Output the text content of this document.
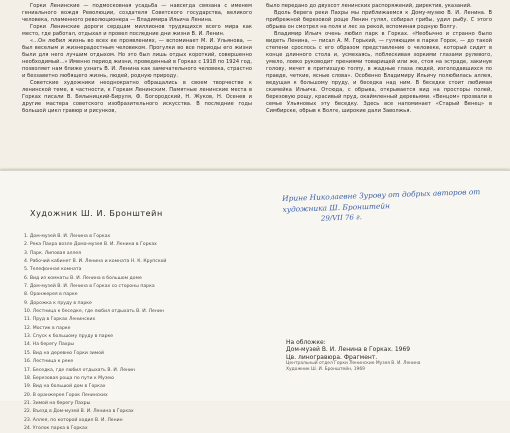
Горки Ленинские — подмосковная усадьба — навсегда связана с именем гениального вождя Революции, создателя Советского государства, великого человека, пламенного революционера — Владимира Ильича Ленина.

Горки Ленинские дороги сердцам миллионов трудящихся всего мира как место, где работал, отдыхал и провел последние дни жизни В. И. Ленин.

«...Он любил жизнь во всех ее проявлениях, — вспоминает М. И. Ульянова, — был веселым и жизнерадостным человеком. Прогулки во все периоды его жизни были для него лучшим отдыхом. Но это был лишь отдых короткий, совершенно необходимый...» Именно период жизни, проведенный в Горках с 1918 по 1924 год, позволяет нам ближе узнать В. И. Ленина как замечательного человека, страстно и беззаветно любящего жизнь, людей, родную природу.

Советские художники неоднократно обращались в своем творчестве к ленинской теме, в частности, к Горкам Ленинским. Памятные ленинские места в Горках писали В. Бялыницкий-Бируля, Ф. Богородский, Н. Жуков, Н. Осенев и другие мастера советского изобразительного искусства. В последние годы большой цикл гравюр и рисунков,

было передано до двухсот ленинских распоряжений, директив, указаний.

Вдоль берега реки Пахры мы приближаемся к Дому-музею В. И. Ленина. В прибрежной березовой роще Ленин гулял, собирал грибы, удил рыбу. С этого обрыва он смотрел на поля и лес за рекой, вспоминая родную Волгу.

Владимир Ильич очень любил парк в Горках. «Необычно и странно было видеть Ленина, — писал А. М. Горький, — гуляющим в парке Горок, — до такой степени срослось с его образом представление о человеке, который сидит в конце длинного стола и, усмехаясь, поблескивая зоркими глазами рулевого, умело, ловко руководит прениями товарищей или же, стоя на эстраде, закинув голову, мечет в притихшую толпу, в жадные глаза людей, изголодавшихся по правде, четкие, ясные слова». Особенно Владимиру Ильичу полюбилась аллея, ведущая к большому пруду, и беседка над ним. В беседке стоит любимая скамейка Ильича. Отсюда, с обрыва, открывается вид на просторы полей, березовую рощу, красивый пруд, окаймленный деревьями. «Венцом» прозвали в семье Ульяновых эту беседку. Здесь все напоминает «Старый Венец» в Симбирске, обрыв к Волге, широкие дали Заволжья.

Художник Ш. И. Бронштейн
1. Дом-музей В. И. Ленина в Горках
2. Река Пахра возле Дома-музея В. И. Ленина в Горках
3. Парк. Липовая аллея
4. Рабочий кабинет В. И. Ленина и комната Н. К. Крупской
5. Телефонная комната
6. Вид из комнаты В. И. Ленина в большом доме
7. Дом-музей В. И. Ленина в Горках со стороны парка
8. Оранжерея в парке
9. Дорожка к пруду в парке
10. Лестница к беседке, где любил отдыхать В. И. Ленин
11. Пруд в Горках Ленинских
12. Мостик в парке
13. Спуск к большому пруду в парке
14. На берегу Пахры
15. Вид на деревню Горки зимой
16. Лестница к реке
17. Беседка, где любил отдыхать В. И. Ленин
18. Березовая роща по пути к Музею
19. Вид на большой дом в Горках
20. В оранжерее Горок Ленинских
21. Зимой на берегу Пахры
22. Въезд в Дом-музей В. И. Ленина в Горках
23. Аллея, по которой ходил В. И. Ленин
24. Уголок парка в Горках
Ирине Николаевне Зурову от добрых авторов от художника Ш. Бронштейн
29/VII 76 г.
На обложке:
Дом-музей В. И. Ленина в Горках. 1969
Цв. линогравюра. Фрагмент.
Центральный отдел Горки Ленинские Музея В. И. Ленина
Художник Ш. И. Бронштейн, 1969
